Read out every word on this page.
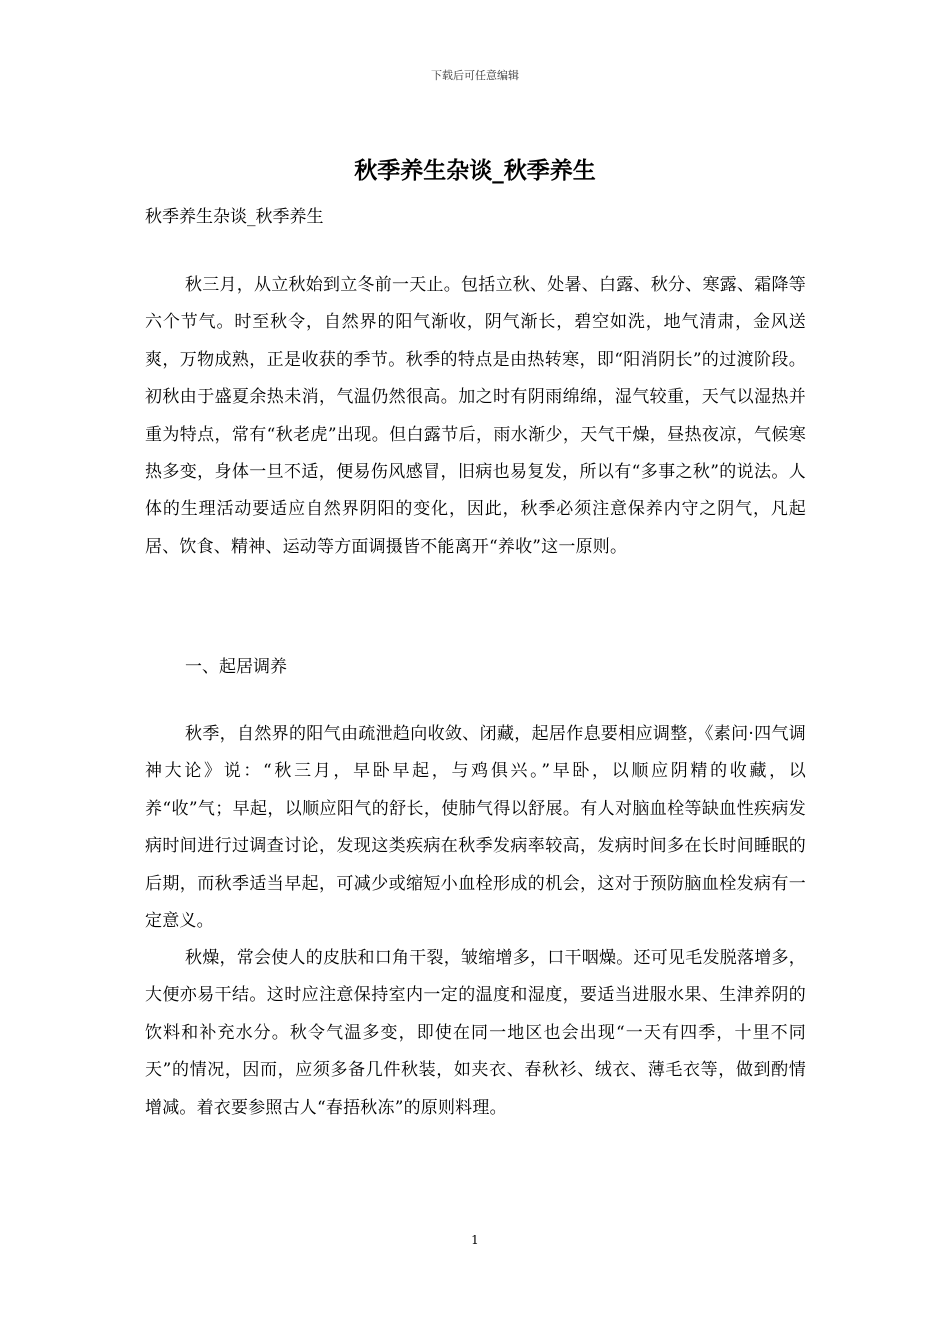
下载后可任意编辑
秋季养生杂谈_秋季养生
秋季养生杂谈_秋季养生

秋三月，从立秋始到立冬前一天止。包括立秋、处暑、白露、秋分、寒露、霜降等六个节气。时至秋令，自然界的阳气渐收，阴气渐长，碧空如洗，地气清肃，金风送爽，万物成熟，正是收获的季节。秋季的特点是由热转寒，即“阳消阴长”的过渡阶段。初秋由于盛夏余热未消，气温仍然很高。加之时有阴雨绵绵，湿气较重，天气以湿热并重为特点，常有“秋老虎”出现。但白露节后，雨水渐少，天气干燥，昼热夜凉，气候寒热多变，身体一旦不适，便易伤风感冒，旧病也易复发，所以有“多事之秋”的说法。人体的生理活动要适应自然界阴阳的变化，因此，秋季必须注意保养内守之阴气，凡起居、饮食、精神、运动等方面调摄皆不能离开“养收”这一原则。

一、起居调养

秋季，自然界的阳气由疏泄趋向收敛、闭藏，起居作息要相应调整，《素问·四气调神大论》说：“秋三月，早卧早起，与鸡俱兴。”早卧，以顺应阴精的收藏，以养“收”气；早起，以顺应阳气的舒长，使肺气得以舒展。有人对脑血栓等缺血性疾病发病时间进行过调查讨论，发现这类疾病在秋季发病率较高，发病时间多在长时间睡眠的后期，而秋季适当早起，可减少或缩短小血栓形成的机会，这对于预防脑血栓发病有一定意义。

秋燥，常会使人的皮肤和口角干裂，皱缩增多，口干咽燥。还可见毛发脱落增多，大便亦易干结。这时应注意保持室内一定的温度和湿度，要适当进服水果、生津养阴的饮料和补充水分。秋令气温多变，即使在同一地区也会出现“一天有四季，十里不同天”的情况，因而，应须多备几件秋装，如夹衣、春秋衫、绒衣、薄毛衣等，做到酌情增减。着衣要参照古人“春捂秋冻”的原则料理。

1
